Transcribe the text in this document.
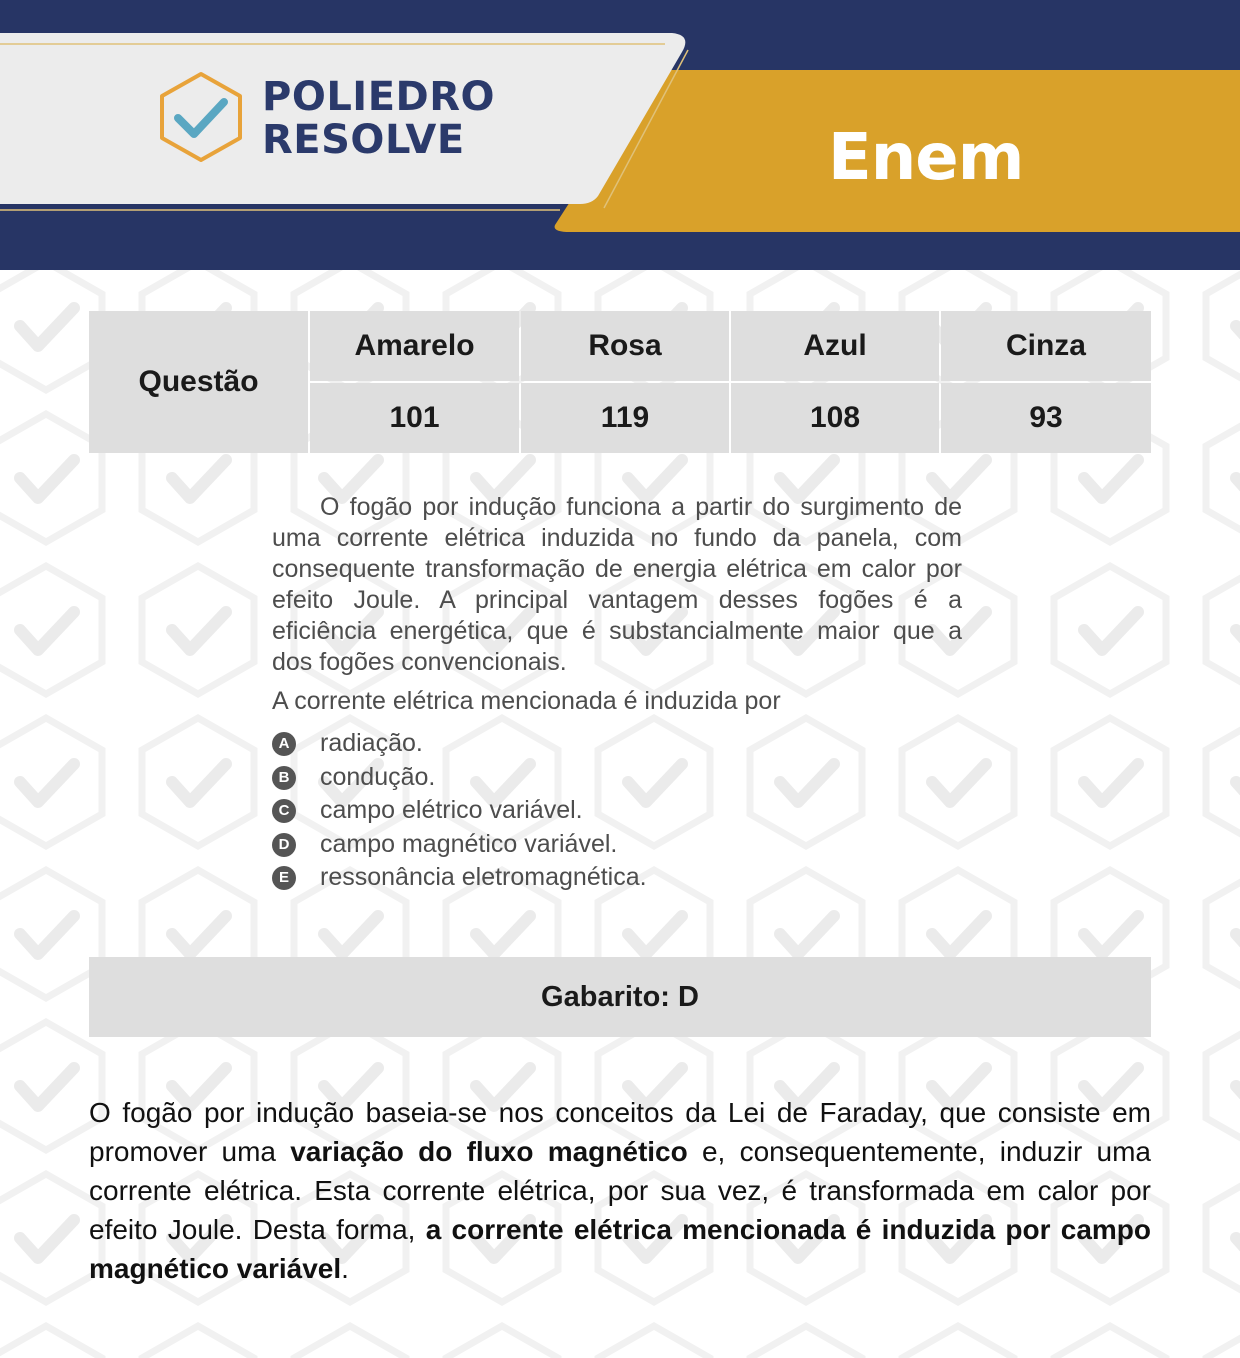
POLIEDRO
RESOLVE	Enem
Questão
Amarelo	Rosa	Azul	Cinza
101	119	108	93

O fogão por indução funciona a partir do surgimento de uma corrente elétrica induzida no fundo da panela, com consequente transformação de energia elétrica em calor por efeito Joule. A principal vantagem desses fogões é a eficiência energética, que é substancialmente maior que a dos fogões convencionais.

A corrente elétrica mencionada é induzida por
A radiação.
B condução.
C campo elétrico variável.
D campo magnético variável.
E ressonância eletromagnética.
Gabarito: D

O fogão por indução baseia-se nos conceitos da Lei de Faraday, que consiste em promover uma variação do fluxo magnético e, consequentemente, induzir uma corrente elétrica. Esta corrente elétrica, por sua vez, é transformada em calor por efeito Joule. Desta forma, a corrente elétrica mencionada é induzida por campo magnético variável.
